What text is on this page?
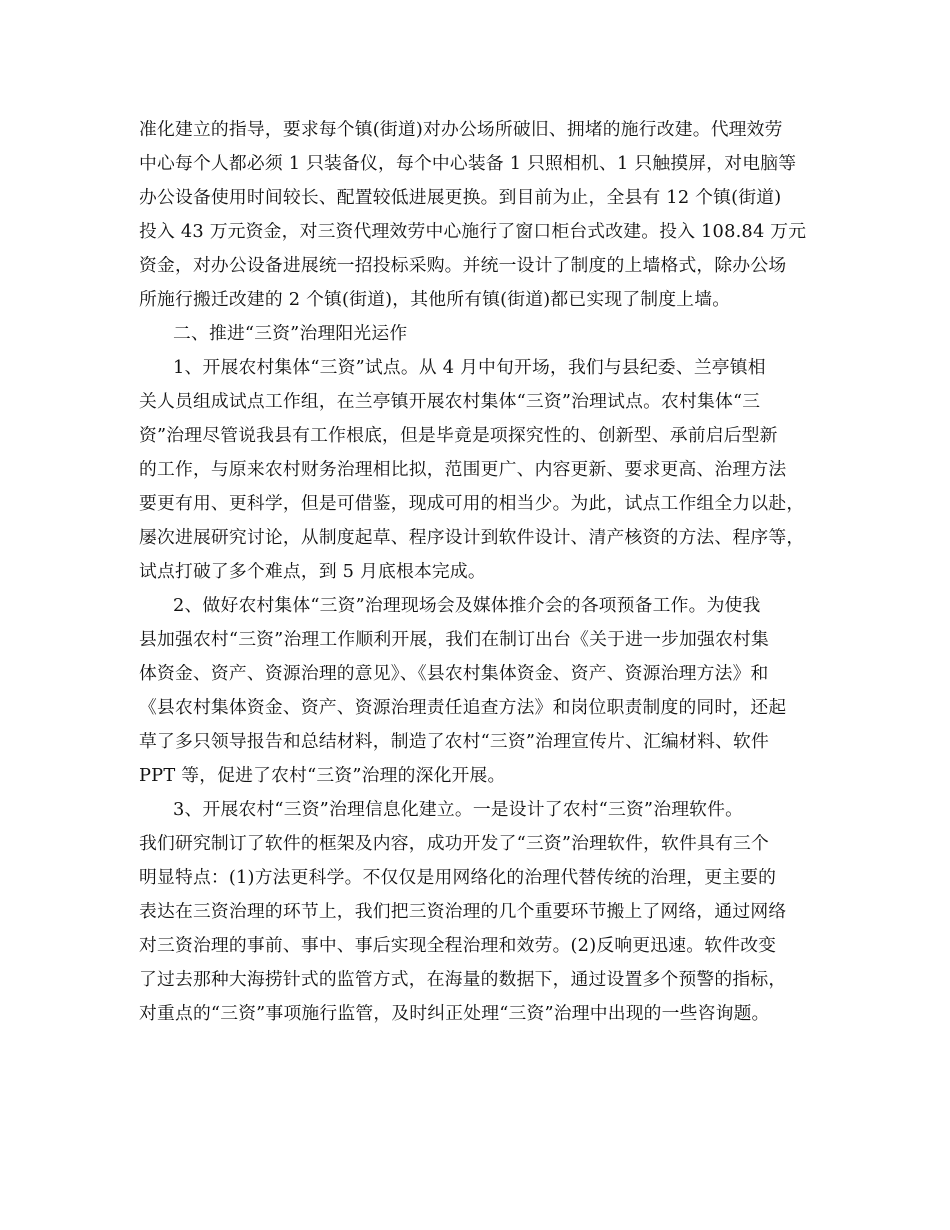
准化建立的指导，要求每个镇(街道)对办公场所破旧、拥堵的施行改建。代理效劳
中心每个人都必须 1 只装备仪，每个中心装备 1 只照相机、1 只触摸屏，对电脑等
办公设备使用时间较长、配置较低进展更换。到目前为止，全县有 12 个镇(街道)
投入 43 万元资金，对三资代理效劳中心施行了窗口柜台式改建。投入 108.84 万元
资金，对办公设备进展统一招投标采购。并统一设计了制度的上墙格式，除办公场
所施行搬迁改建的 2 个镇(街道)，其他所有镇(街道)都已实现了制度上墙。
二、推进“三资”治理阳光运作
1、开展农村集体“三资”试点。从 4 月中旬开场，我们与县纪委、兰亭镇相
关人员组成试点工作组，在兰亭镇开展农村集体“三资”治理试点。农村集体“三
资”治理尽管说我县有工作根底，但是毕竟是项探究性的、创新型、承前启后型新
的工作，与原来农村财务治理相比拟，范围更广、内容更新、要求更高、治理方法
要更有用、更科学，但是可借鉴，现成可用的相当少。为此，试点工作组全力以赴，
屡次进展研究讨论，从制度起草、程序设计到软件设计、清产核资的方法、程序等，
试点打破了多个难点，到 5 月底根本完成。
2、做好农村集体“三资”治理现场会及媒体推介会的各项预备工作。为使我
县加强农村“三资”治理工作顺利开展，我们在制订出台《关于进一步加强农村集
体资金、资产、资源治理的意见》、《县农村集体资金、资产、资源治理方法》和
《县农村集体资金、资产、资源治理责任追查方法》和岗位职责制度的同时，还起
草了多只领导报告和总结材料，制造了农村“三资”治理宣传片、汇编材料、软件
PPT 等，促进了农村“三资”治理的深化开展。
3、开展农村“三资”治理信息化建立。一是设计了农村“三资”治理软件。
我们研究制订了软件的框架及内容，成功开发了“三资”治理软件，软件具有三个
明显特点：(1)方法更科学。不仅仅是用网络化的治理代替传统的治理，更主要的
表达在三资治理的环节上，我们把三资治理的几个重要环节搬上了网络，通过网络
对三资治理的事前、事中、事后实现全程治理和效劳。(2)反响更迅速。软件改变
了过去那种大海捞针式的监管方式，在海量的数据下，通过设置多个预警的指标，
对重点的“三资”事项施行监管，及时纠正处理“三资”治理中出现的一些咨询题。
